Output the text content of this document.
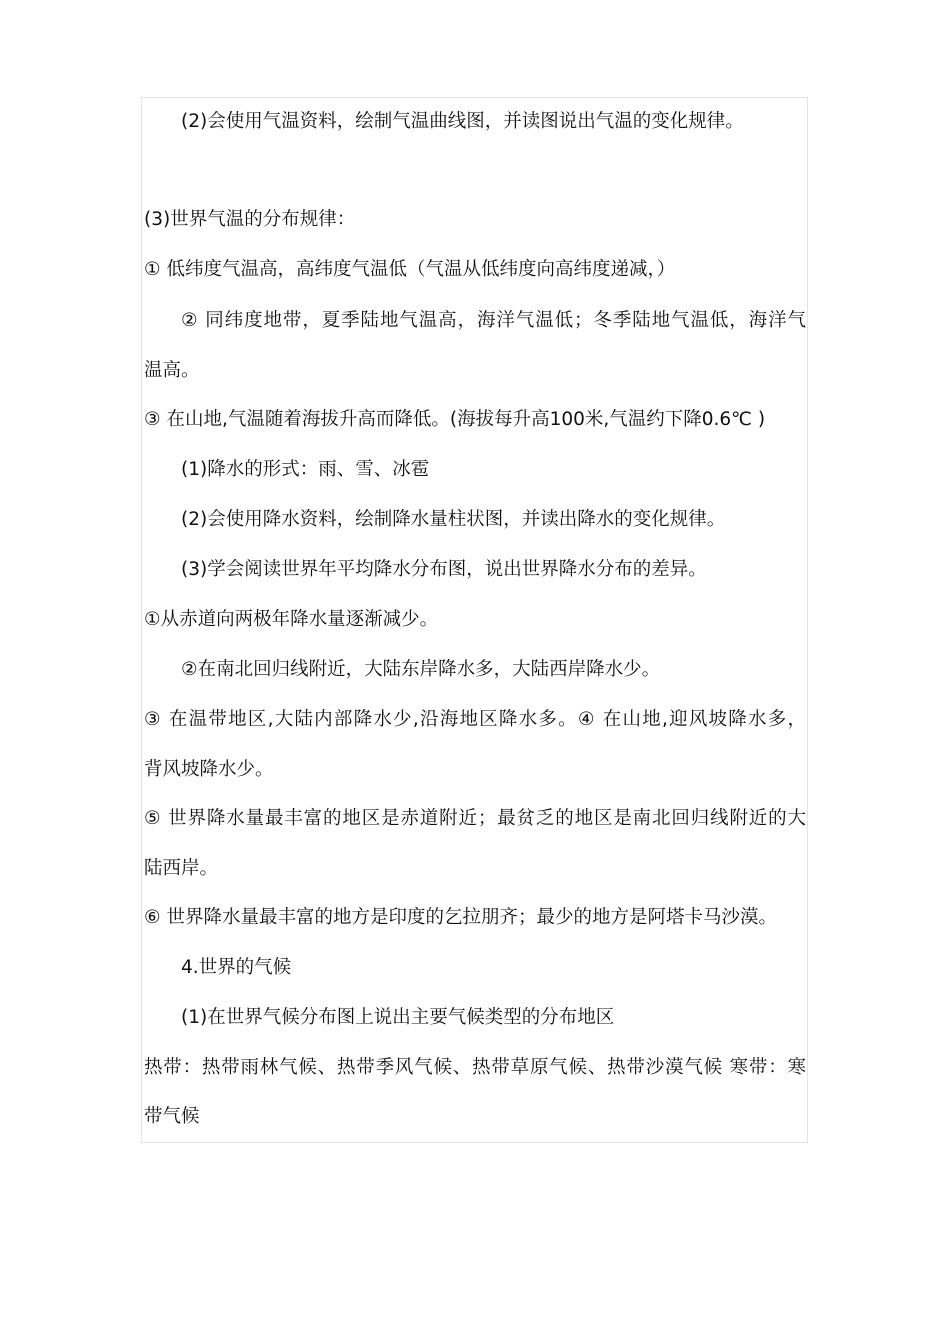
(2)会使用气温资料，绘制气温曲线图，并读图说出气温的变化规律。
(3)世界气温的分布规律：
① 低纬度气温高，高纬度气温低（气温从低纬度向高纬度递减，）
② 同纬度地带，夏季陆地气温高，海洋气温低；冬季陆地气温低，海洋气
温高。
③ 在山地,气温随着海拔升高而降低。(海拔每升高100米,气温约下降0.6℃ )
(1)降水的形式：雨、雪、冰雹
(2)会使用降水资料，绘制降水量柱状图，并读出降水的变化规律。
(3)学会阅读世界年平均降水分布图，说出世界降水分布的差异。
①从赤道向两极年降水量逐渐减少。
②在南北回归线附近，大陆东岸降水多，大陆西岸降水少。
③ 在温带地区,大陆内部降水少,沿海地区降水多。④ 在山地,迎风坡降水多，
背风坡降水少。
⑤ 世界降水量最丰富的地区是赤道附近；最贫乏的地区是南北回归线附近的大
陆西岸。
⑥ 世界降水量最丰富的地方是印度的乞拉朋齐；最少的地方是阿塔卡马沙漠。
4.世界的气候
(1)在世界气候分布图上说出主要气候类型的分布地区
热带：热带雨林气候、热带季风气候、热带草原气候、热带沙漠气候 寒带：寒
带气候
